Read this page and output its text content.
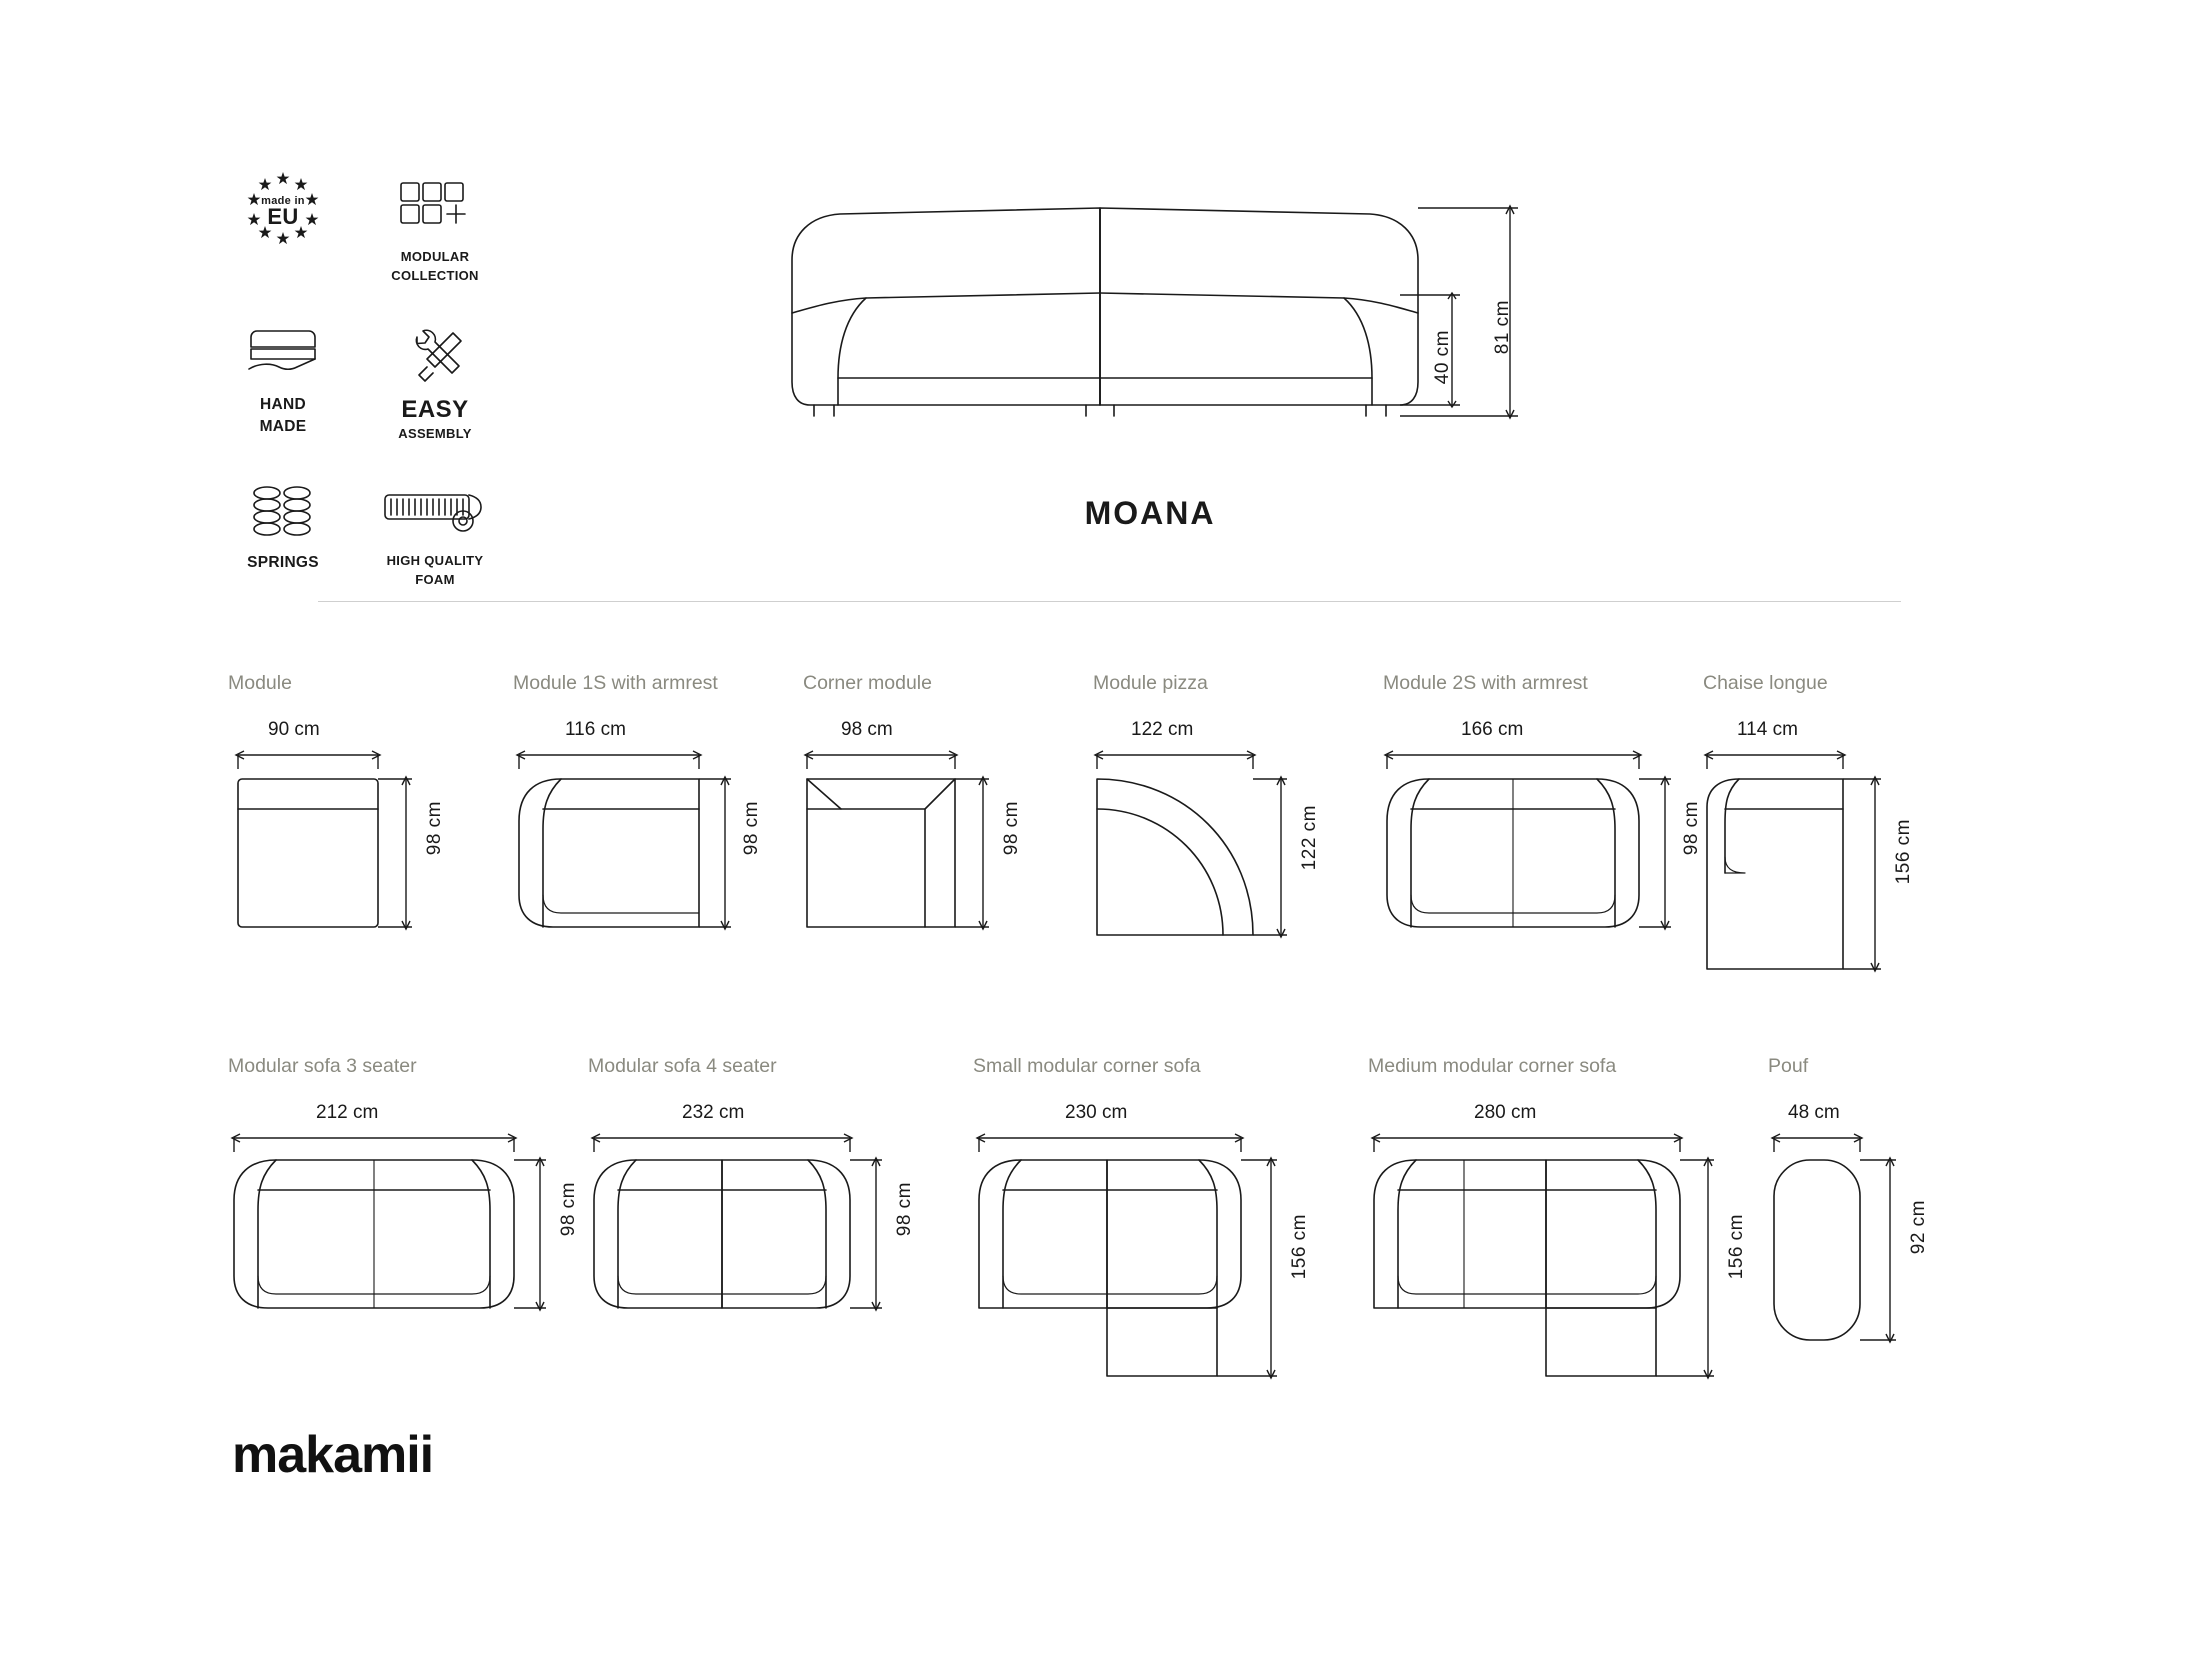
made in
EU
MODULAR
COLLECTION
HAND
MADE
EASY
ASSEMBLY
SPRINGS	HIGH QUALITY
FOAM
40 cm
81 cm
MOANA
Module
90 cm
98 cm
Module 1S with armrest
116 cm
98 cm
Corner module
98 cm
98 cm
Module pizza
122 cm
122 cm
Module 2S with armrest
166 cm
98 cm
Chaise longue
114 cm
156 cm
Modular sofa 3 seater
212 cm
98 cm
Modular sofa 4 seater
232 cm
98 cm
Small modular corner sofa
230 cm
156 cm
Medium modular corner sofa
280 cm
156 cm
Pouf
48 cm
92 cm
makamii
